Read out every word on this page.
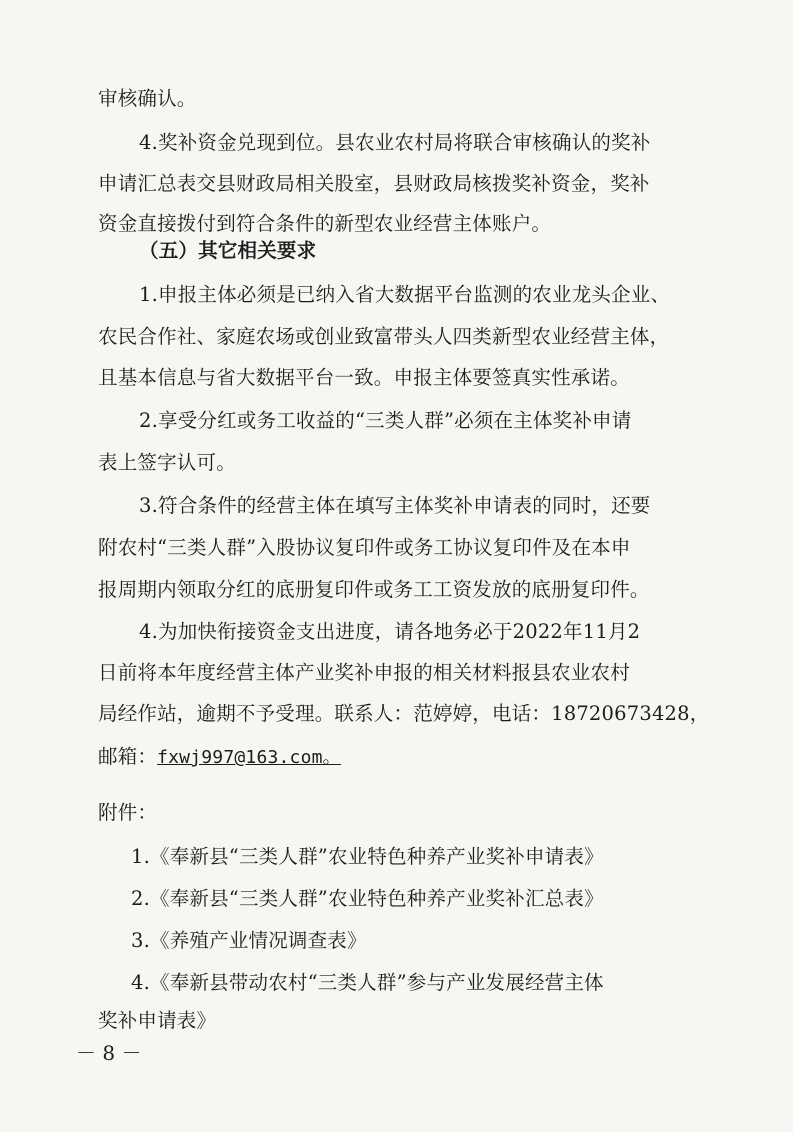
审核确认。
4.奖补资金兑现到位。县农业农村局将联合审核确认的奖补
申请汇总表交县财政局相关股室，县财政局核拨奖补资金，奖补
资金直接拨付到符合条件的新型农业经营主体账户。
（五）其它相关要求
1.申报主体必须是已纳入省大数据平台监测的农业龙头企业、
农民合作社、家庭农场或创业致富带头人四类新型农业经营主体，
且基本信息与省大数据平台一致。申报主体要签真实性承诺。
2.享受分红或务工收益的“三类人群”必须在主体奖补申请
表上签字认可。
3.符合条件的经营主体在填写主体奖补申请表的同时，还要
附农村“三类人群”入股协议复印件或务工协议复印件及在本申
报周期内领取分红的底册复印件或务工工资发放的底册复印件。
4.为加快衔接资金支出进度，请各地务必于2022年11月2
日前将本年度经营主体产业奖补申报的相关材料报县农业农村
局经作站，逾期不予受理。联系人：范婷婷，电话：18720673428，
邮箱：fxwj997@163.com。
附件：
1.《奉新县“三类人群”农业特色种养产业奖补申请表》
2.《奉新县“三类人群”农业特色种养产业奖补汇总表》
3.《养殖产业情况调查表》
4.《奉新县带动农村“三类人群”参与产业发展经营主体
奖补申请表》
－ 8 －
